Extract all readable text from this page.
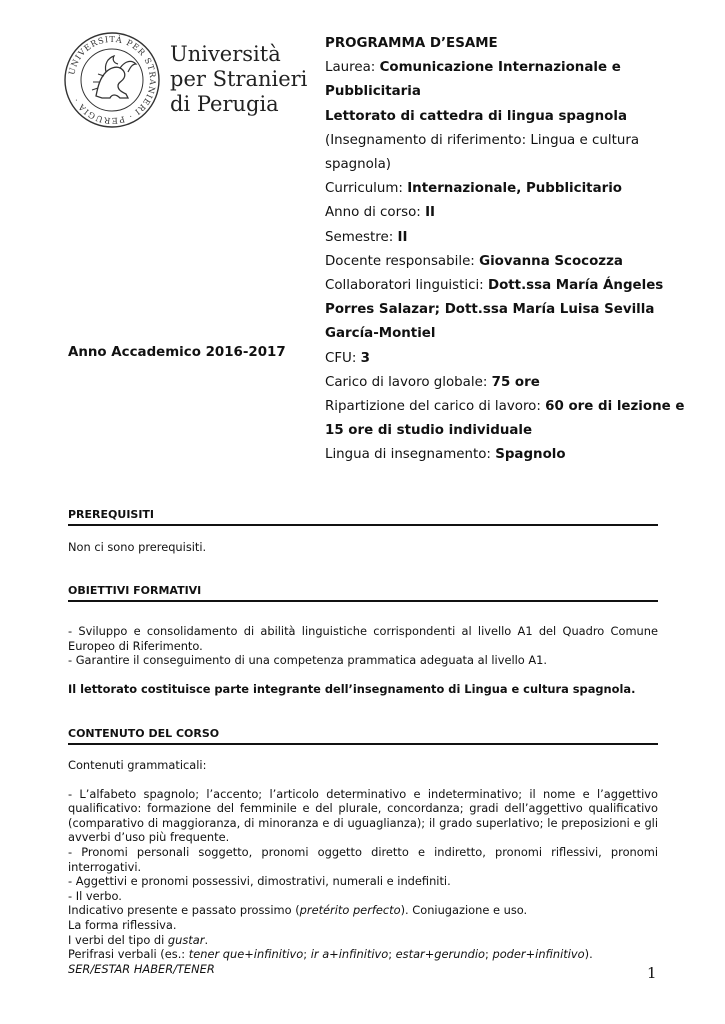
UNIVERSITÀ PER STRANIERI · PERUGIA ·
Università
per Stranieri
di Perugia
PROGRAMMA D’ESAME
Laurea: Comunicazione Internazionale e
Pubblicitaria
Lettorato di cattedra di lingua spagnola
(Insegnamento di riferimento: Lingua e cultura
spagnola)
Curriculum: Internazionale, Pubblicitario
Anno di corso: II
Semestre: II
Docente responsabile: Giovanna Scocozza
Collaboratori linguistici: Dott.ssa María Ángeles
Porres Salazar; Dott.ssa María Luisa Sevilla
García-Montiel
CFU: 3
Carico di lavoro globale: 75 ore
Ripartizione del carico di lavoro: 60 ore di lezione e
15 ore di studio individuale
Lingua di insegnamento: Spagnolo
Anno Accademico 2016-2017
PREREQUISITI
Non ci sono prerequisiti.
OBIETTIVI FORMATIVI

- Sviluppo e consolidamento di abilità linguistiche corrispondenti al livello A1 del Quadro Comune Europeo di Riferimento.

- Garantire il conseguimento di una competenza prammatica adeguata al livello A1.

Il lettorato costituisce parte integrante dell’insegnamento di Lingua e cultura spagnola.

CONTENUTO DEL CORSO

Contenuti grammaticali:

- L’alfabeto spagnolo; l’accento; l’articolo determinativo e indeterminativo; il nome e l’aggettivo qualificativo: formazione del femminile e del plurale, concordanza; gradi dell’aggettivo qualificativo (comparativo di maggioranza, di minoranza e di uguaglianza); il grado superlativo; le preposizioni e gli avverbi d’uso più frequente.

- Pronomi personali soggetto, pronomi oggetto diretto e indiretto, pronomi riflessivi, pronomi interrogativi.

- Aggettivi e pronomi possessivi, dimostrativi, numerali e indefiniti.

- Il verbo.

Indicativo presente e passato prossimo (pretérito perfecto). Coniugazione e uso.

La forma riflessiva.

I verbi del tipo di gustar.

Perifrasi verbali (es.: tener que+infinitivo; ir a+infinitivo; estar+gerundio; poder+infinitivo).

SER/ESTAR HABER/TENER	1
